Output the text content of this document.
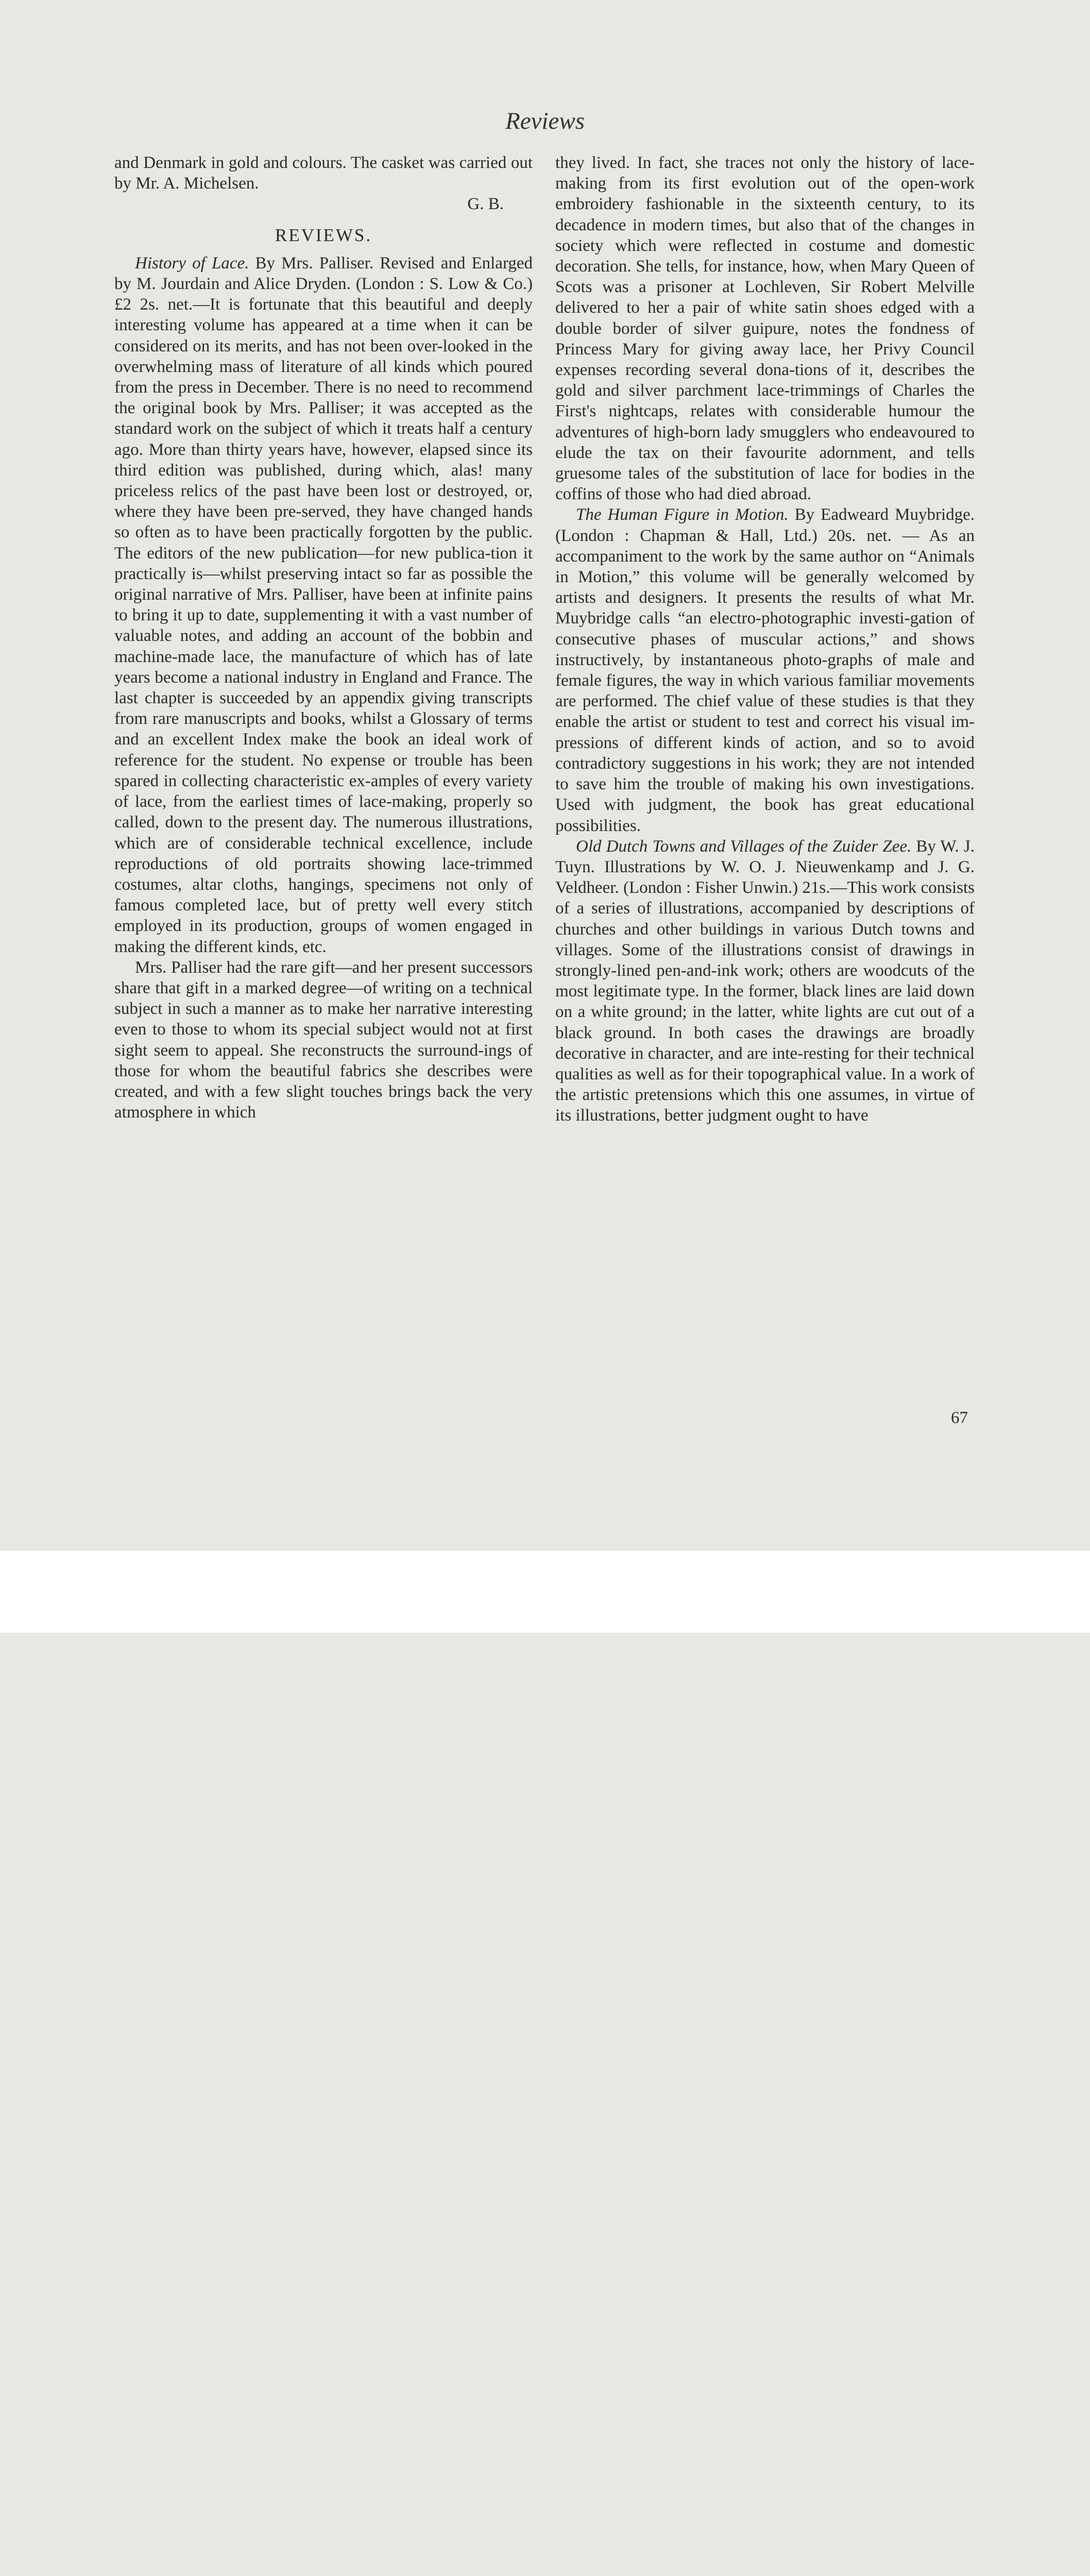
Reviews

and Denmark in gold and colours. The casket was carried out by Mr. A. Michelsen.

G. B.
REVIEWS.

History of Lace. By Mrs. Palliser. Revised and Enlarged by M. Jourdain and Alice Dryden. (London : S. Low & Co.) £2 2s. net.—It is fortunate that this beautiful and deeply interesting volume has appeared at a time when it can be considered on its merits, and has not been over-looked in the overwhelming mass of literature of all kinds which poured from the press in December. There is no need to recommend the original book by Mrs. Palliser; it was accepted as the standard work on the subject of which it treats half a century ago. More than thirty years have, however, elapsed since its third edition was published, during which, alas! many priceless relics of the past have been lost or destroyed, or, where they have been pre-served, they have changed hands so often as to have been practically forgotten by the public. The editors of the new publication—for new publica-tion it practically is—whilst preserving intact so far as possible the original narrative of Mrs. Palliser, have been at infinite pains to bring it up to date, supplementing it with a vast number of valuable notes, and adding an account of the bobbin and machine-made lace, the manufacture of which has of late years become a national industry in England and France. The last chapter is succeeded by an appendix giving transcripts from rare manuscripts and books, whilst a Glossary of terms and an excellent Index make the book an ideal work of reference for the student. No expense or trouble has been spared in collecting characteristic ex-amples of every variety of lace, from the earliest times of lace-making, properly so called, down to the present day. The numerous illustrations, which are of considerable technical excellence, include reproductions of old portraits showing lace-trimmed costumes, altar cloths, hangings, specimens not only of famous completed lace, but of pretty well every stitch employed in its production, groups of women engaged in making the different kinds, etc.

Mrs. Palliser had the rare gift—and her present successors share that gift in a marked degree—of writing on a technical subject in such a manner as to make her narrative interesting even to those to whom its special subject would not at first sight seem to appeal. She reconstructs the surround-ings of those for whom the beautiful fabrics she describes were created, and with a few slight touches brings back the very atmosphere in which

they lived. In fact, she traces not only the history of lace-making from its first evolution out of the open-work embroidery fashionable in the sixteenth century, to its decadence in modern times, but also that of the changes in society which were reflected in costume and domestic decoration. She tells, for instance, how, when Mary Queen of Scots was a prisoner at Lochleven, Sir Robert Melville delivered to her a pair of white satin shoes edged with a double border of silver guipure, notes the fondness of Princess Mary for giving away lace, her Privy Council expenses recording several dona-tions of it, describes the gold and silver parchment lace-trimmings of Charles the First's nightcaps, relates with considerable humour the adventures of high-born lady smugglers who endeavoured to elude the tax on their favourite adornment, and tells gruesome tales of the substitution of lace for bodies in the coffins of those who had died abroad.

The Human Figure in Motion. By Eadweard Muybridge. (London : Chapman & Hall, Ltd.) 20s. net. — As an accompaniment to the work by the same author on “Animals in Motion,” this volume will be generally welcomed by artists and designers. It presents the results of what Mr. Muybridge calls “an electro-photographic investi-gation of consecutive phases of muscular actions,” and shows instructively, by instantaneous photo-graphs of male and female figures, the way in which various familiar movements are performed. The chief value of these studies is that they enable the artist or student to test and correct his visual im-pressions of different kinds of action, and so to avoid contradictory suggestions in his work; they are not intended to save him the trouble of making his own investigations. Used with judgment, the book has great educational possibilities.

Old Dutch Towns and Villages of the Zuider Zee. By W. J. Tuyn. Illustrations by W. O. J. Nieuwenkamp and J. G. Veldheer. (London : Fisher Unwin.) 21s.—This work consists of a series of illustrations, accompanied by descriptions of churches and other buildings in various Dutch towns and villages. Some of the illustrations consist of drawings in strongly-lined pen-and-ink work; others are woodcuts of the most legitimate type. In the former, black lines are laid down on a white ground; in the latter, white lights are cut out of a black ground. In both cases the drawings are broadly decorative in character, and are inte-resting for their technical qualities as well as for their topographical value. In a work of the artistic pretensions which this one assumes, in virtue of its illustrations, better judgment ought to have

67
